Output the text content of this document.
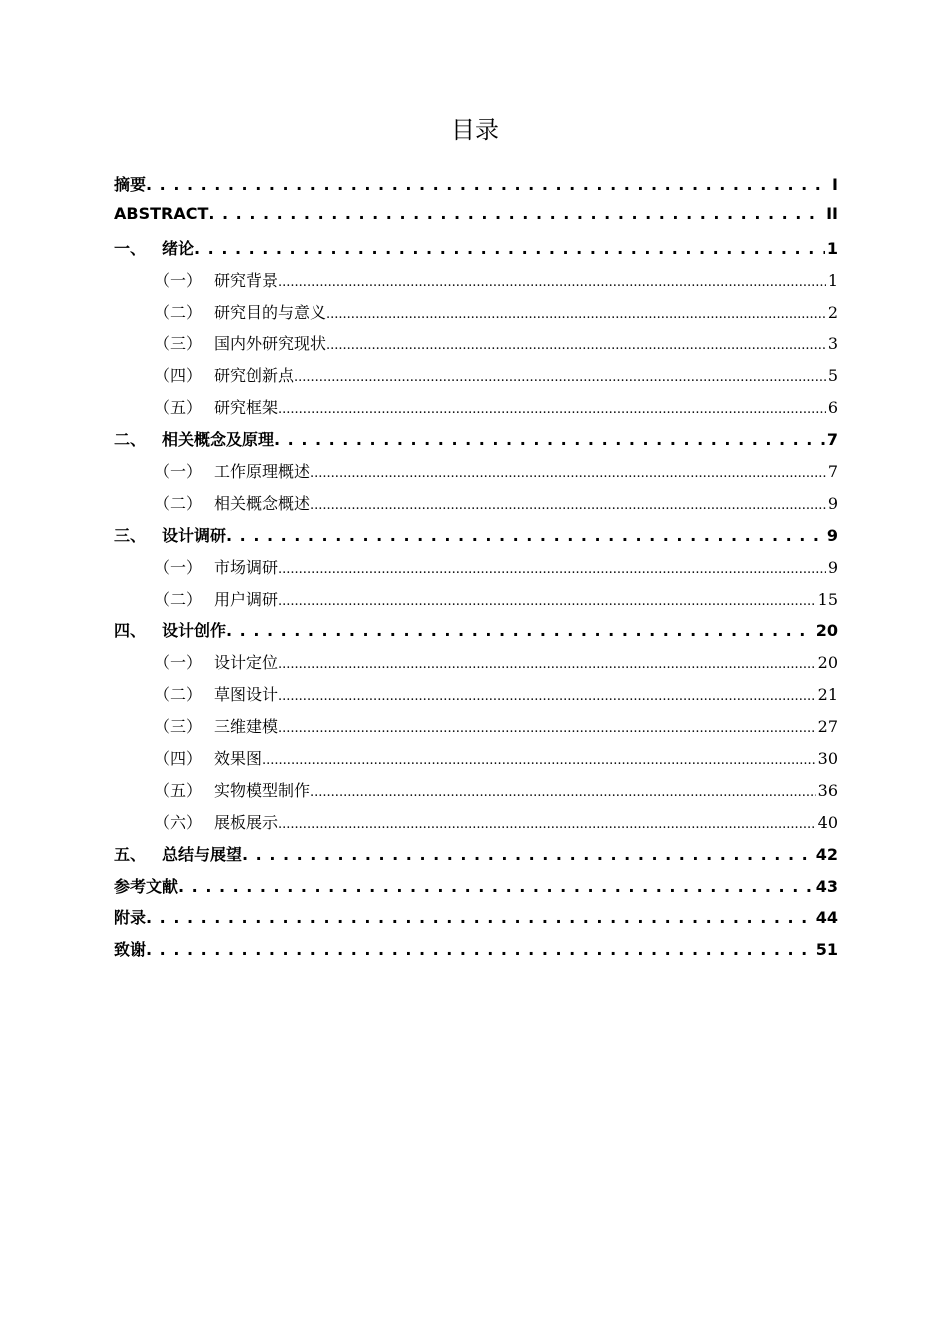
目录
摘要 . . .	I
ABSTRACT . . .	II
一、 绪论 . . .	1
（一） 研究背景 .....	1
（二） 研究目的与意义 .....	2
（三） 国内外研究现状 .....	3
（四） 研究创新点 .....	5
（五） 研究框架 .....	6
二、 相关概念及原理 . . .	7
（一） 工作原理概述 .....	7
（二） 相关概念概述 .....	9
三、 设计调研 . . .	9
（一） 市场调研 .....	9
（二） 用户调研 .....	15
四、 设计创作 . . .	20
（一） 设计定位 .....	20
（二） 草图设计 .....	21
（三） 三维建模 .....	27
（四） 效果图 .....	30
（五） 实物模型制作 .....	36
（六） 展板展示 .....	40
五、 总结与展望 . . .	42
参考文献 . . .	43
附录 . . .	44
致谢 . . .	51
